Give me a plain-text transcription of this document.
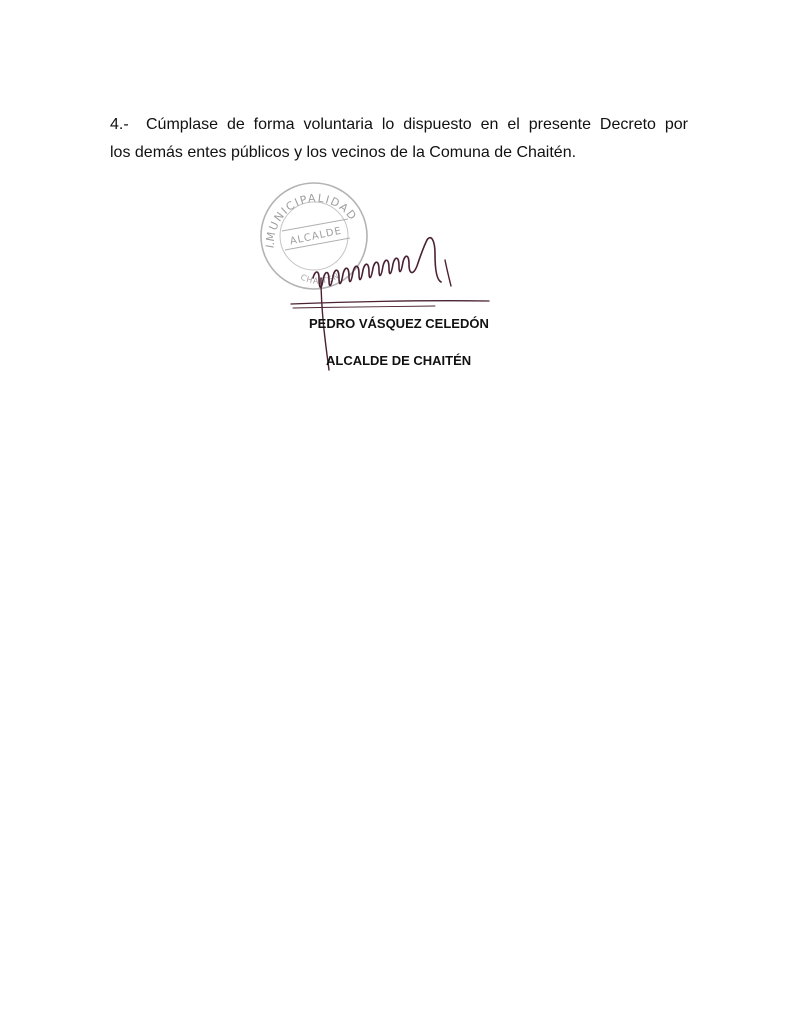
4.- Cúmplase de forma voluntaria lo dispuesto en el presente Decreto por
los demás entes públicos y los vecinos de la Comuna de Chaitén.
MUNICIPALIDAD
I. ALCALDE
CHAITÉN
PEDRO VÁSQUEZ CELEDÓN
ALCALDE DE CHAITÉN
